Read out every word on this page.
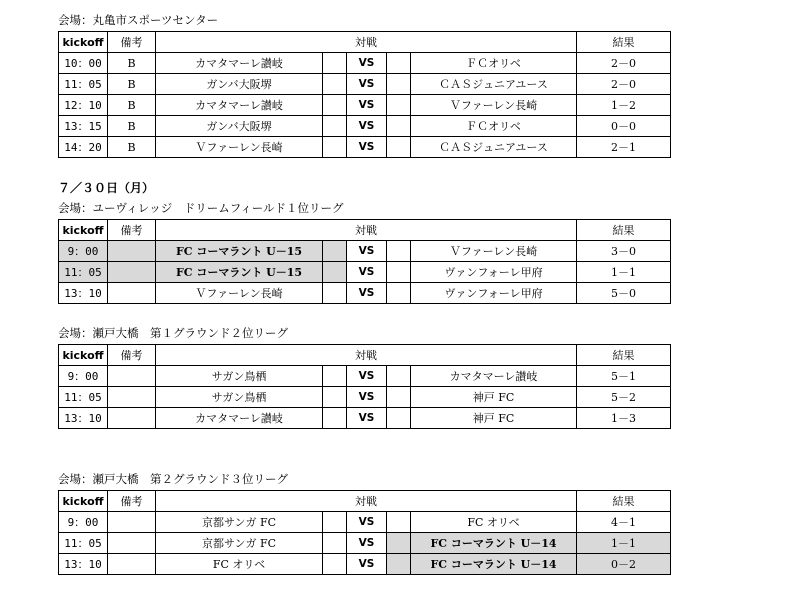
会場：丸亀市スポーツセンター
kickoff	備考	対戦					結果
10：00	B	カマタマーレ讃岐		VS		ＦＣオリベ	2－0
11：05	B	ガンバ大阪堺		VS		ＣＡＳジュニアユース	2－0
12：10	B	カマタマーレ讃岐		VS		Ｖファーレン長崎	1－2
13：15	B	ガンバ大阪堺		VS		ＦＣオリベ	0－0
14：20	B	Ｖファーレン長崎		VS		ＣＡＳジュニアユース	2－1
７／３０日（月）
会場：ユーヴィレッジ　ドリームフィールド１位リーグ
kickoff	備考	対戦					結果
9：00		FC コーマラント U－15		VS		Ｖファーレン長崎	3－0
11：05		FC コーマラント U－15		VS		ヴァンフォーレ甲府	1－1
13：10		Ｖファーレン長崎		VS		ヴァンフォーレ甲府	5－0
会場：瀬戸大橋　第１グラウンド２位リーグ
kickoff	備考	対戦					結果
9：00		サガン鳥栖		VS		カマタマーレ讃岐	5－1
11：05		サガン鳥栖		VS		神戸 FC	5－2
13：10		カマタマーレ讃岐		VS		神戸 FC	1－3
会場：瀬戸大橋　第２グラウンド３位リーグ
kickoff	備考	対戦					結果
9：00		京都サンガ FC		VS		FC オリベ	4－1
11：05		京都サンガ FC		VS		FC コーマラント U－14	1－1
13：10		FC オリベ		VS		FC コーマラント U－14	0－2
